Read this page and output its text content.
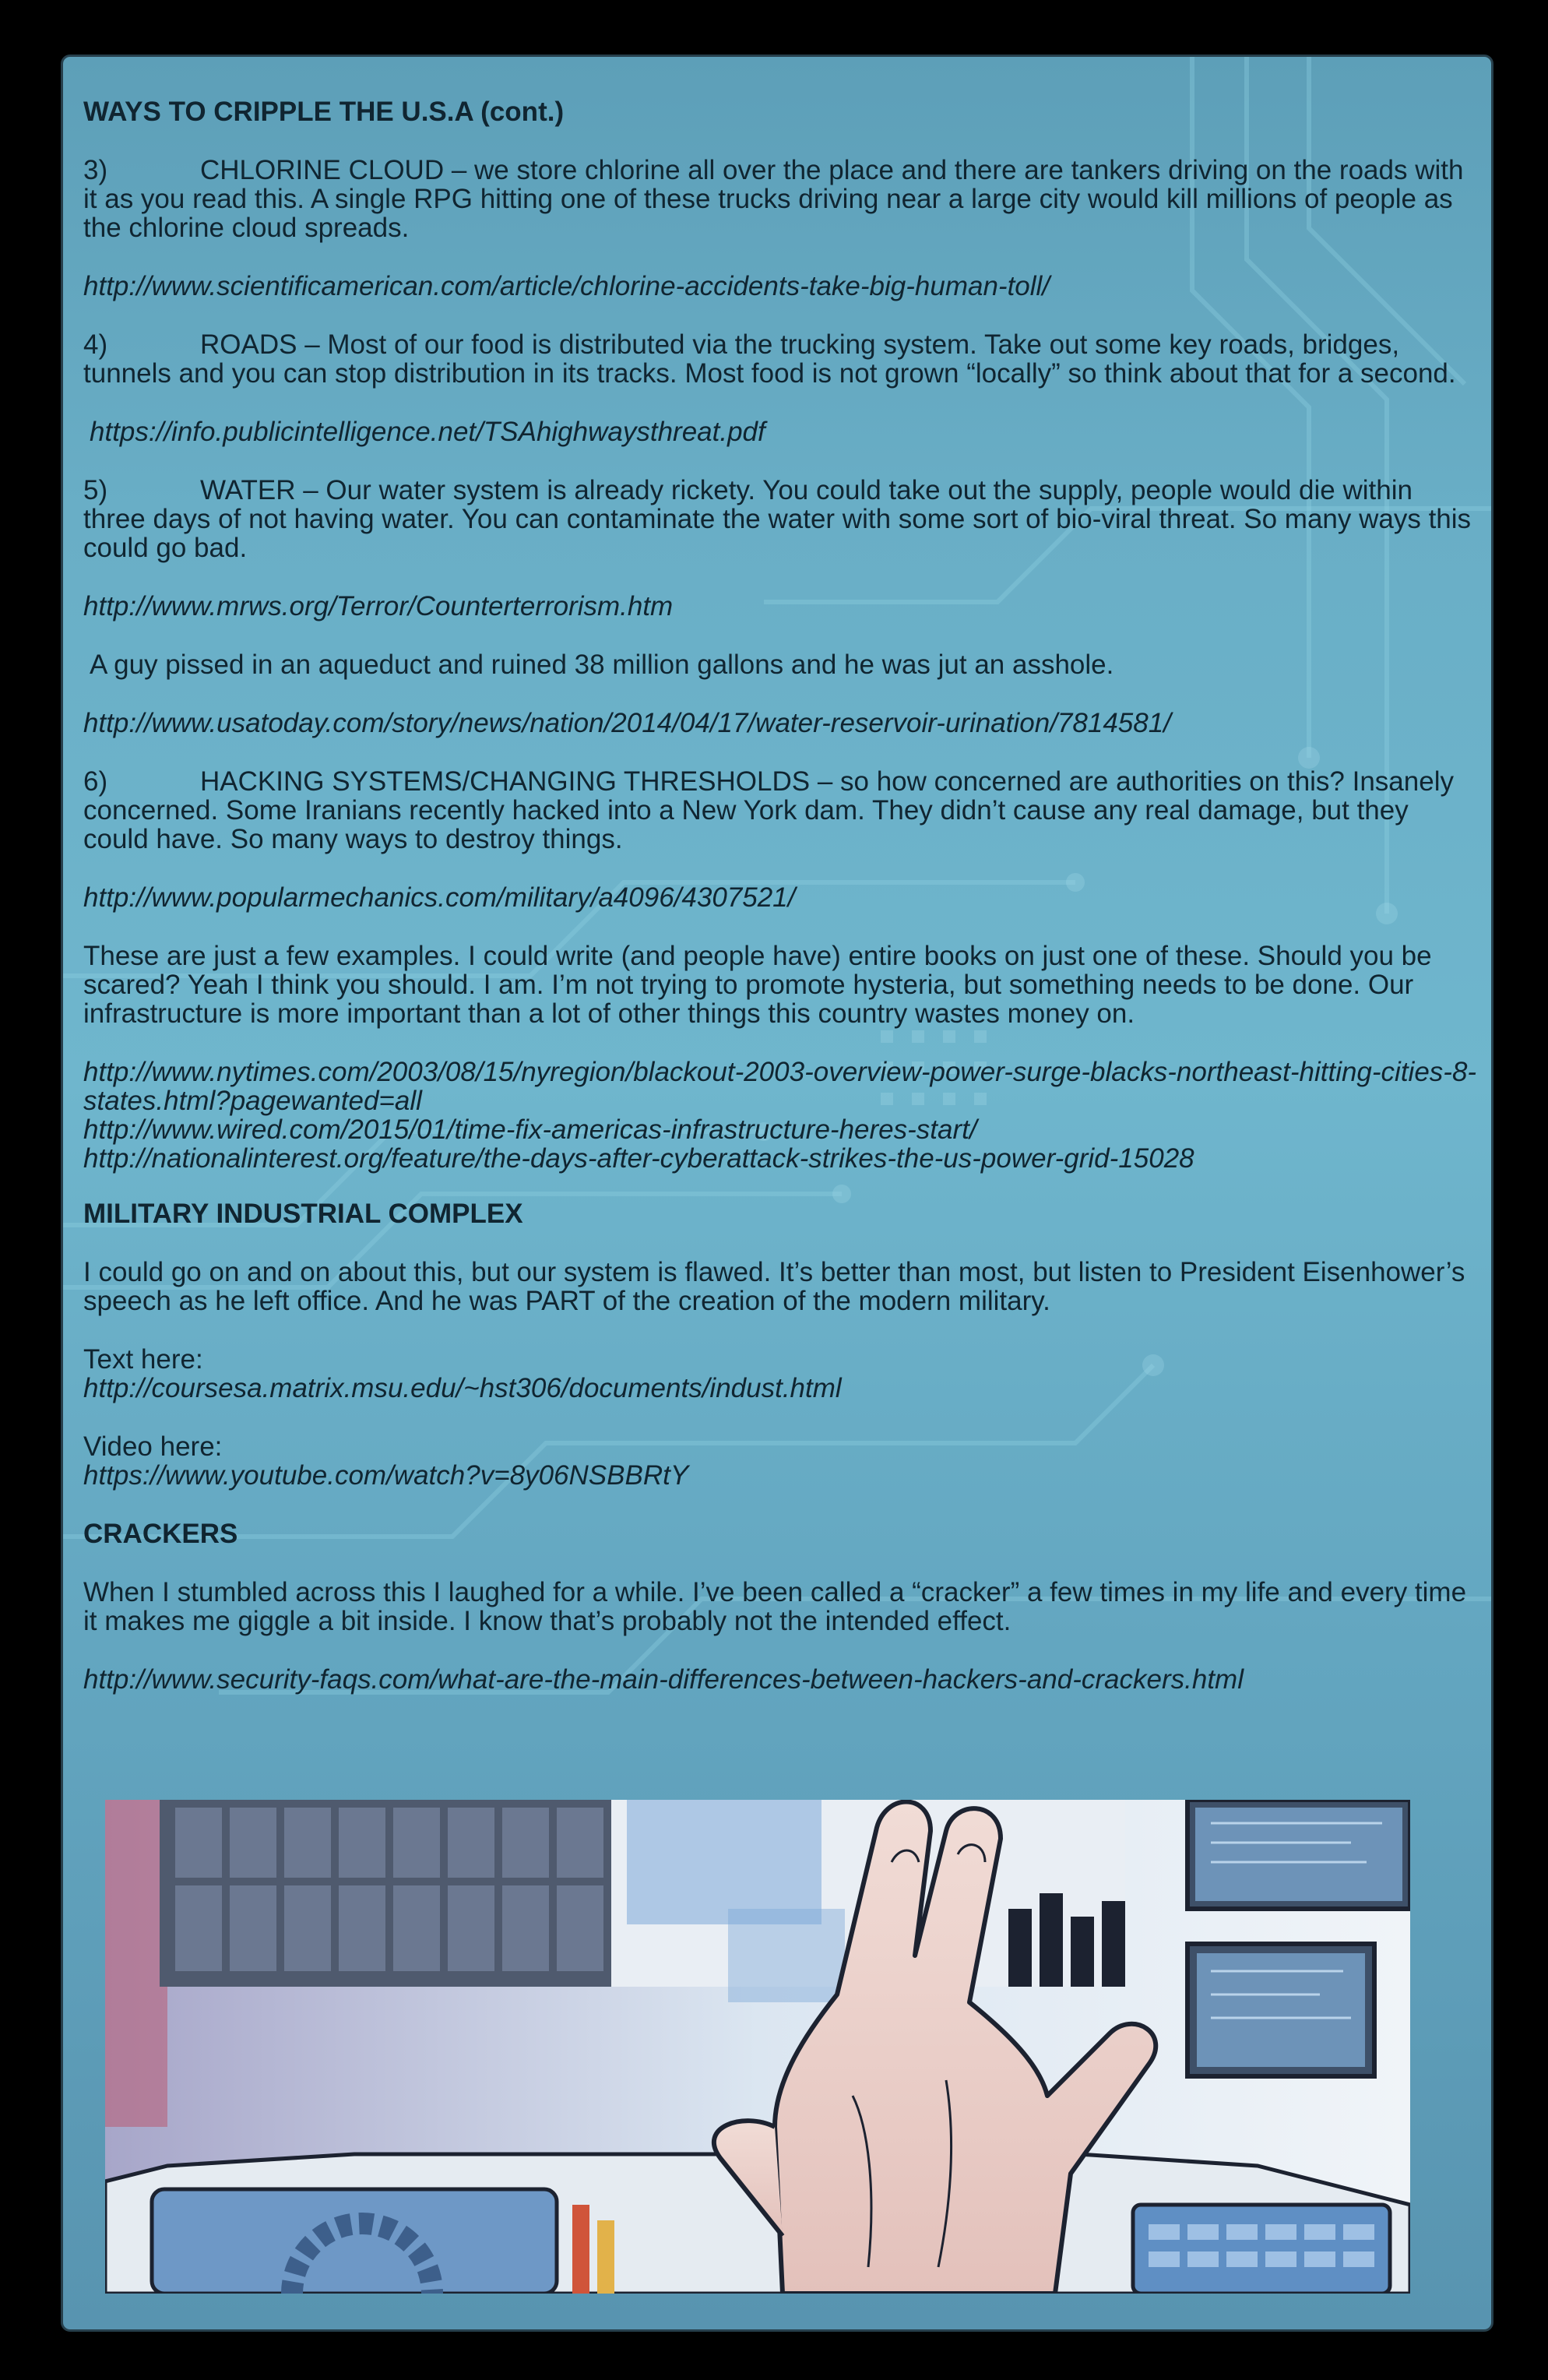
WAYS TO CRIPPLE THE U.S.A (cont.)

3)	CHLORINE CLOUD – we store chlorine all over the place and there are tankers driving on the roads with it as you read this. A single RPG hitting one of these trucks driving near a large city would kill millions of people as the chlorine cloud spreads.

http://www.scientificamerican.com/article/chlorine-accidents-take-big-human-toll/

4)	ROADS – Most of our food is distributed via the trucking system. Take out some key roads, bridges, tunnels and you can stop distribution in its tracks. Most food is not grown “locally” so think about that for a second.

https://info.publicintelligence.net/TSAhighwaysthreat.pdf

5)	WATER – Our water system is already rickety. You could take out the supply, people would die within three days of not having water. You can contaminate the water with some sort of bio-viral threat. So many ways this could go bad.

http://www.mrws.org/Terror/Counterterrorism.htm

A guy pissed in an aqueduct and ruined 38 million gallons and he was jut an asshole.

http://www.usatoday.com/story/news/nation/2014/04/17/water-reservoir-urination/7814581/

6)	HACKING SYSTEMS/CHANGING THRESHOLDS – so how concerned are authorities on this? Insanely concerned. Some Iranians recently hacked into a New York dam. They didn’t cause any real damage, but they could have. So many ways to destroy things.

http://www.popularmechanics.com/military/a4096/4307521/

These are just a few examples. I could write (and people have) entire books on just one of these. Should you be scared? Yeah I think you should. I am. I’m not trying to promote hysteria, but something needs to be done. Our infrastructure is more important than a lot of other things this country wastes money on.

http://www.nytimes.com/2003/08/15/nyregion/blackout-2003-overview-power-surge-blacks-northeast-hitting-cities-8-states.html?pagewanted=all

http://www.wired.com/2015/01/time-fix-americas-infrastructure-heres-start/

http://nationalinterest.org/feature/the-days-after-cyberattack-strikes-the-us-power-grid-15028

MILITARY INDUSTRIAL COMPLEX

I could go on and on about this, but our system is flawed. It’s better than most, but listen to President Eisenhower’s speech as he left office. And he was PART of the creation of the modern military.

Text here:

http://coursesa.matrix.msu.edu/~hst306/documents/indust.html

Video here:

https://www.youtube.com/watch?v=8y06NSBBRtY

CRACKERS

When I stumbled across this I laughed for a while. I’ve been called a “cracker” a few times in my life and every time it makes me giggle a bit inside. I know that’s probably not the intended effect.

http://www.security-faqs.com/what-are-the-main-differences-between-hackers-and-crackers.html
